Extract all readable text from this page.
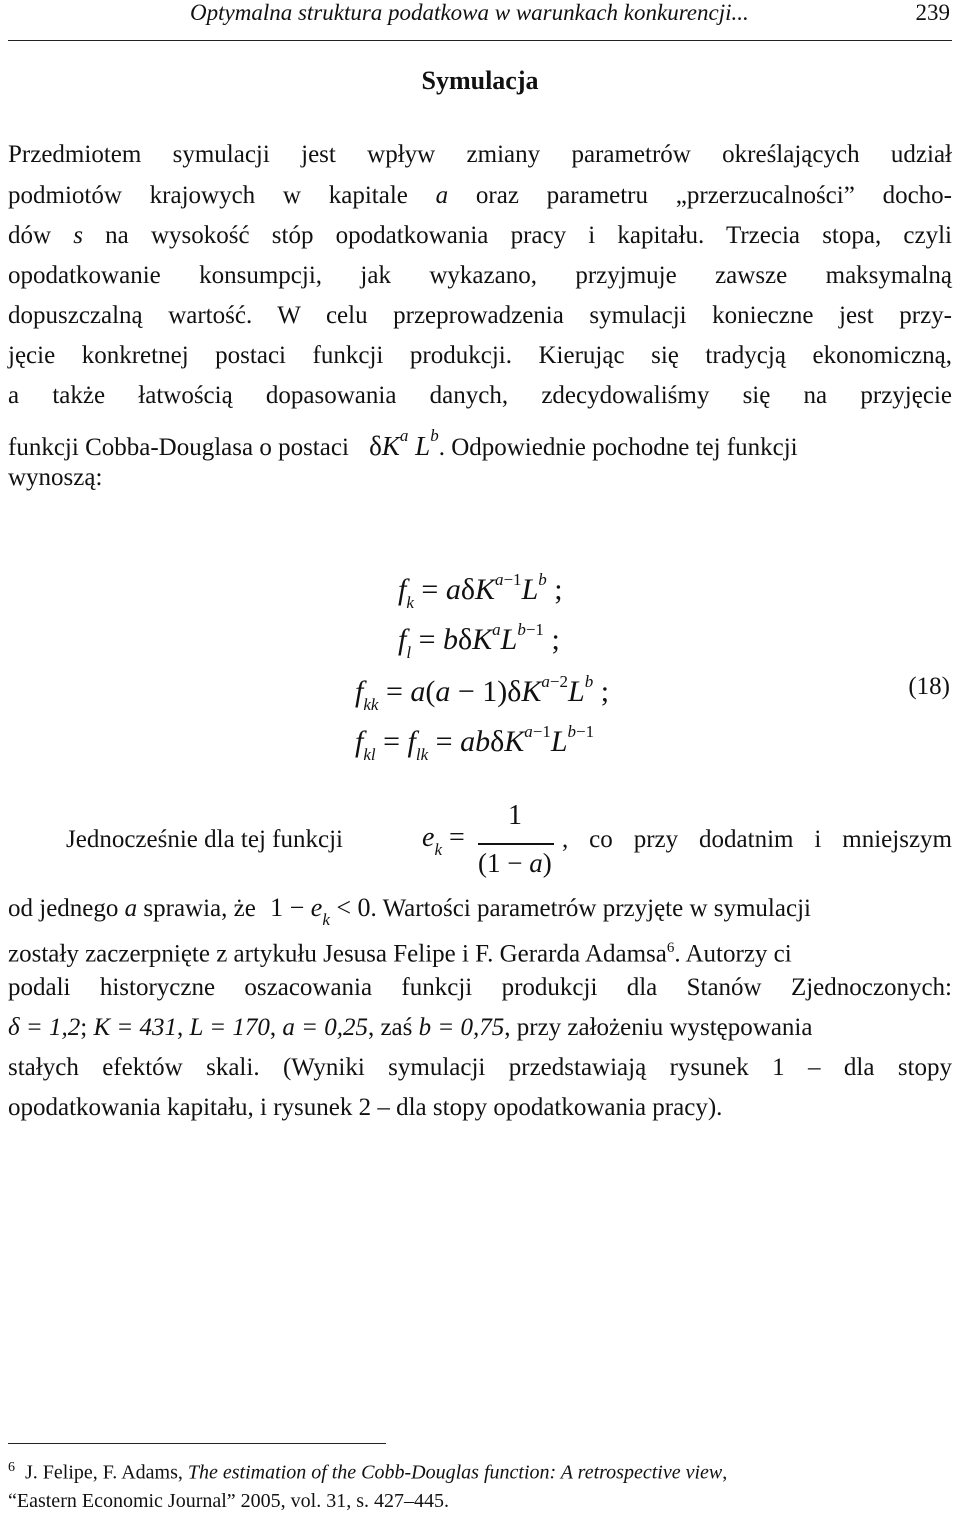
Optymalna struktura podatkowa w warunkach konkurencji...	239
Symulacja
Przedmiotem symulacji jest wpływ zmiany parametrów określających udział
podmiotów krajowych w kapitale a oraz parametru „przerzucalności” docho-
dów s na wysokość stóp opodatkowania pracy i kapitału. Trzecia stopa, czyli
opodatkowanie konsumpcji, jak wykazano, przyjmuje zawsze maksymalną
dopuszczalną wartość. W celu przeprowadzenia symulacji konieczne jest przy-
jęcie konkretnej postaci funkcji produkcji. Kierując się tradycją ekonomiczną,
a także łatwością dopasowania danych, zdecydowaliśmy się na przyjęcie
funkcji Cobba-Douglasa o postaci $\delta K^a$ $L^b$. Odpowiednie pochodne tej funkcji
wynoszą:
$f_k = a\delta K^{a-1}L^b$ ;
$f_l = b\delta K^aL^{b-1}$ ;
$f_{kk} = a(a - 1)\delta K^{a-2}L^b$ ;
$f_{kl} = f_{lk} = ab\delta K^{a-1}L^{b-1}$
(18)
Jednocześnie dla tej funkcji	$e_k$ =
1
(1 − a)
, co przy dodatnim i mniejszym
od jednego a sprawia, że $1 - e_k < 0$. Wartości parametrów przyjęte w symulacji
zostały zaczerpnięte z artykułu Jesusa Felipe i F. Gerarda Adamsa$^6$. Autorzy ci
podali historyczne oszacowania funkcji produkcji dla Stanów Zjednoczonych:
δ = 1,2; K = 431, L = 170, a = 0,25, zaś b = 0,75, przy założeniu występowania
stałych efektów skali. (Wyniki symulacji przedstawiają rysunek 1 – dla stopy
opodatkowania kapitału, i rysunek 2 – dla stopy opodatkowania pracy).
$^6$ J. Felipe, F. Adams, The estimation of the Cobb-Douglas function: A retrospective view,
“Eastern Economic Journal” 2005, vol. 31, s. 427–445.
